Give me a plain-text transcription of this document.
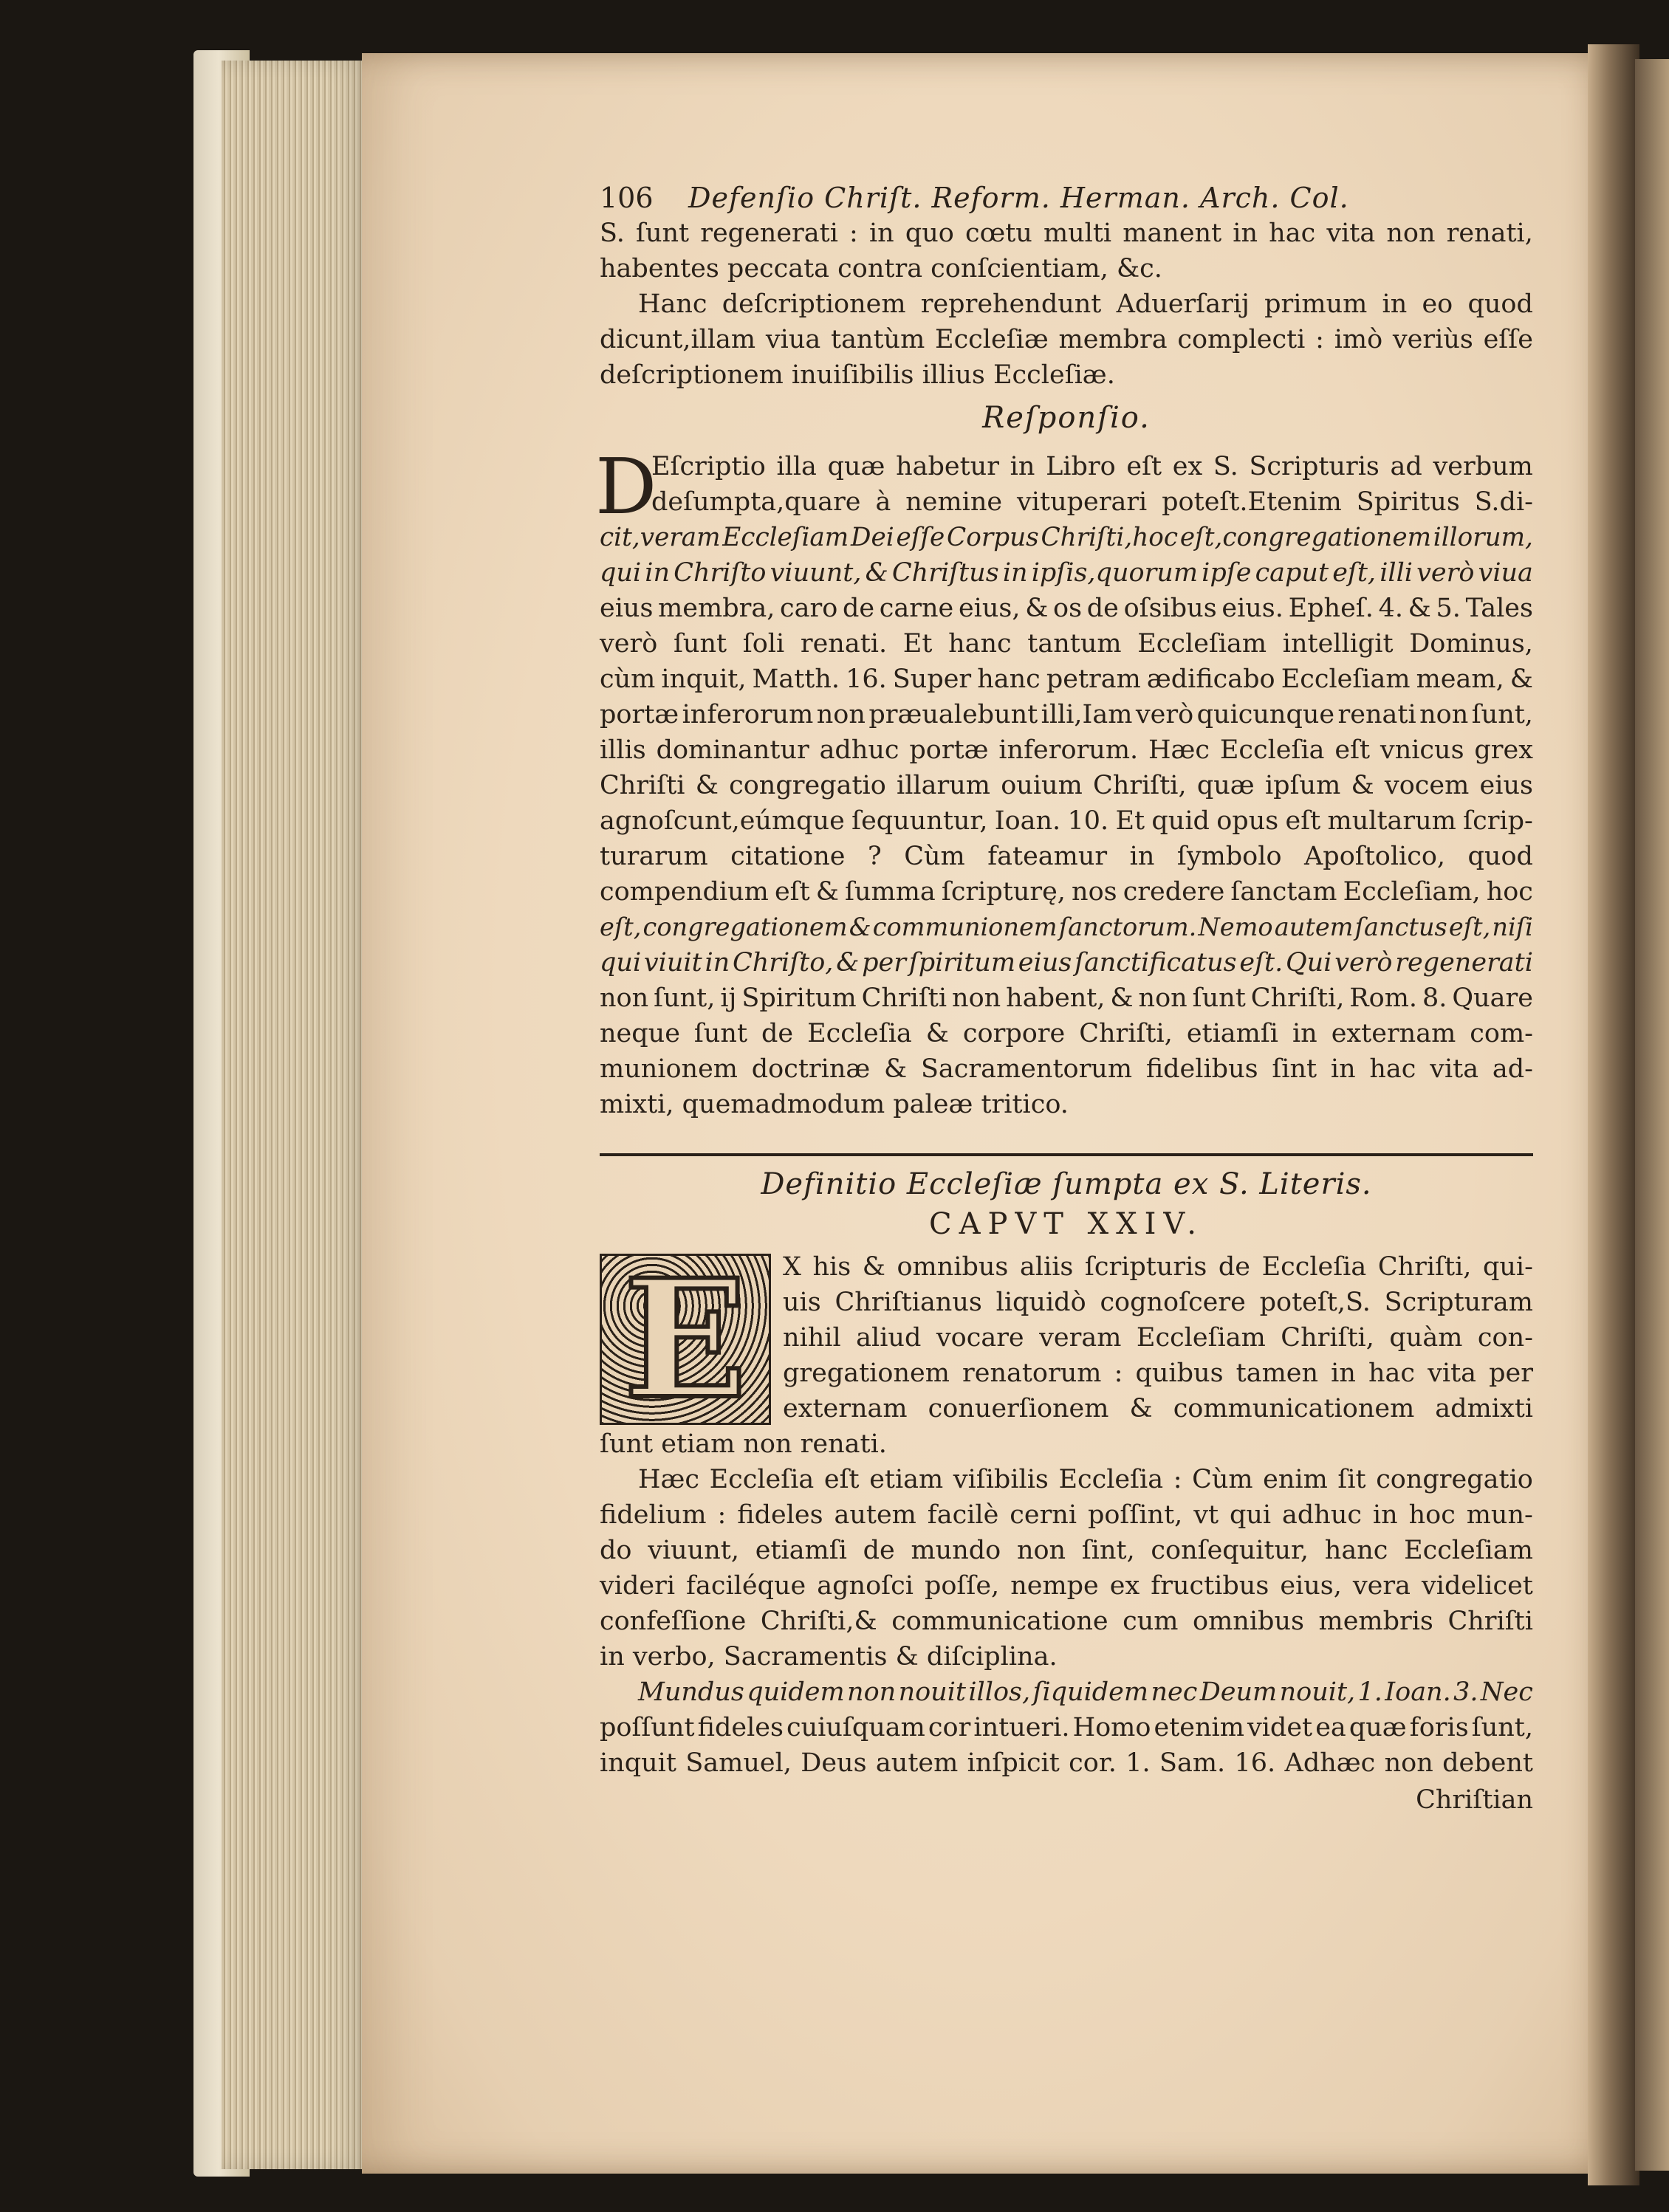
106	Defenſio Chriſt. Reform. Herman. Arch. Col.
S. ſunt regenerati : in quo cœtu multi manent in hac vita non renati,
habentes peccata contra conſcientiam, &c.
Hanc deſcriptionem reprehendunt Aduerſarij primum in eo quod
dicunt,illam viua tantùm Eccleſiæ membra complecti : imò veriùs eſſe
deſcriptionem inuiſibilis illius Eccleſiæ.
Reſponſio.
D
Eſcriptio illa quæ habetur in Libro eſt ex S. Scripturis ad verbum
deſumpta,quare à nemine vituperari poteſt.Etenim Spiritus S.di-
cit,veram Eccleſiam Dei eſſe Corpus Chriſti,hoc eſt,congregationem illorum,
qui in Chriſto viuunt, & Chriſtus in ipſis,quorum ipſe caput eſt, illi verò viua
eius membra, caro de carne eius, & os de oſsibus eius. Epheſ. 4. & 5. Tales
verò ſunt ſoli renati. Et hanc tantum Eccleſiam intelligit Dominus,
cùm inquit, Matth. 16. Super hanc petram ædificabo Eccleſiam meam, &
portæ inferorum non præualebunt illi,Iam verò quicunque renati non ſunt,
illis dominantur adhuc portæ inferorum. Hæc Eccleſia eſt vnicus grex
Chriſti & congregatio illarum ouium Chriſti, quæ ipſum & vocem eius
agnoſcunt,eúmque ſequuntur, Ioan. 10. Et quid opus eſt multarum ſcrip-
turarum citatione ? Cùm fateamur in ſymbolo Apoſtolico, quod
compendium eſt & ſumma ſcripturę, nos credere ſanctam Eccleſiam, hoc
eſt, congregationem & communionem ſanctorum. Nemo autem ſanctus eſt, niſi
qui viuit in Chriſto, & per ſpiritum eius ſanctificatus eſt. Qui verò regenerati
non ſunt, ij Spiritum Chriſti non habent, & non ſunt Chriſti, Rom. 8. Quare
neque ſunt de Eccleſia & corpore Chriſti, etiamſi in externam com-
munionem doctrinæ & Sacramentorum fidelibus ſint in hac vita ad-
mixti, quemadmodum paleæ tritico.
Definitio Eccleſiæ ſumpta ex S. Literis.
CAPVT XXIV.
E X his & omnibus aliis ſcripturis de Eccleſia Chriſti, qui-
uis Chriſtianus liquidò cognoſcere poteſt,S. Scripturam
nihil aliud vocare veram Eccleſiam Chriſti, quàm con-
gregationem renatorum : quibus tamen in hac vita per
externam conuerſionem & communicationem admixti
ſunt etiam non renati.
Hæc Eccleſia eſt etiam viſibilis Eccleſia : Cùm enim ſit congregatio
fidelium : fideles autem facilè cerni poſſint, vt qui adhuc in hoc mun-
do viuunt, etiamſi de mundo non ſint, conſequitur, hanc Eccleſiam
videri faciléque agnoſci poſſe, nempe ex fructibus eius, vera videlicet
confeſſione Chriſti,& communicatione cum omnibus membris Chriſti
in verbo, Sacramentis & diſciplina.
Mundus quidem non nouit illos, ſiquidem nec Deum nouit, 1. Ioan. 3. Nec
poſſunt fideles cuiuſquam cor intueri. Homo etenim videt ea quæ foris ſunt,
inquit Samuel, Deus autem inſpicit cor. 1. Sam. 16. Adhæc non debent
Chriſtian
